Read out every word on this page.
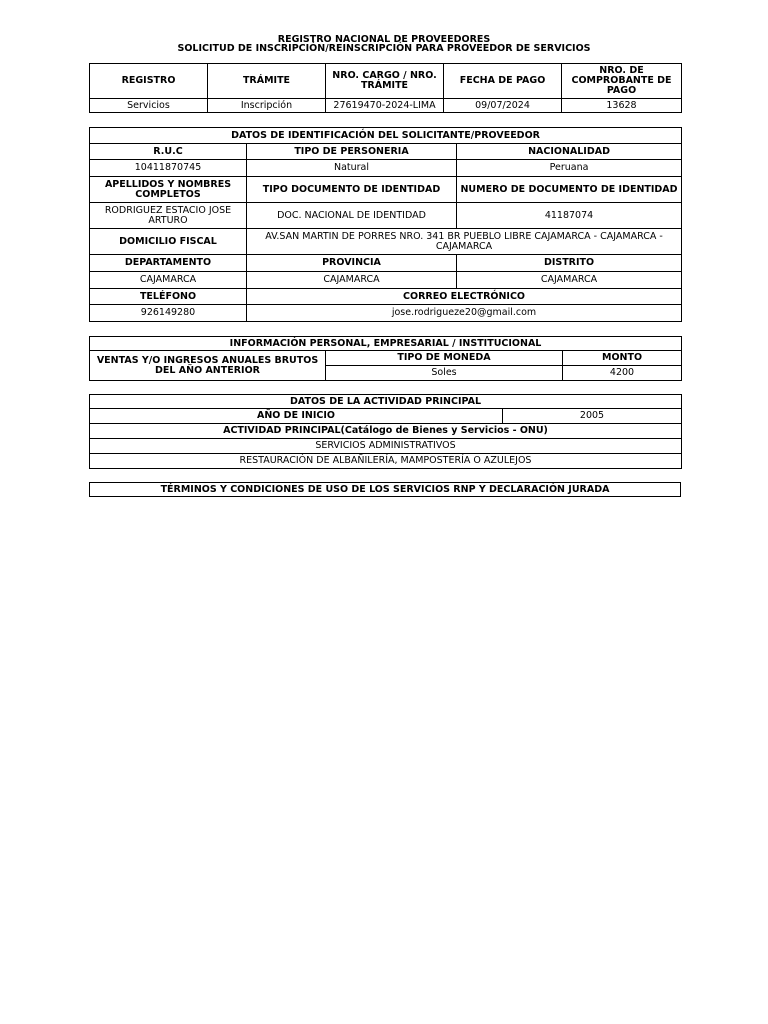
REGISTRO NACIONAL DE PROVEEDORES
SOLICITUD DE INSCRIPCIÓN/REINSCRIPCIÓN PARA PROVEEDOR DE SERVICIOS
REGISTRO	TRÁMITE	NRO. CARGO / NRO. TRÁMITE	FECHA DE PAGO	NRO. DE COMPROBANTE DE PAGO
Servicios	Inscripción	27619470-2024-LIMA	09/07/2024	13628
DATOS DE IDENTIFICACIÓN DEL SOLICITANTE/PROVEEDOR		
R.U.C	TIPO DE PERSONERIA	NACIONALIDAD
10411870745	Natural	Peruana
APELLIDOS Y NOMBRES COMPLETOS	TIPO DOCUMENTO DE IDENTIDAD	NUMERO DE DOCUMENTO DE IDENTIDAD
RODRIGUEZ ESTACIO JOSE ARTURO	DOC. NACIONAL DE IDENTIDAD	41187074
DOMICILIO FISCAL	AV.SAN MARTIN DE PORRES NRO. 341 BR PUEBLO LIBRE CAJAMARCA - CAJAMARCA - CAJAMARCA	
DEPARTAMENTO	PROVINCIA	DISTRITO
CAJAMARCA	CAJAMARCA	CAJAMARCA
TELÉFONO	CORREO ELECTRÓNICO	
926149280	jose.rodrigueze20@gmail.com	
INFORMACIÓN PERSONAL, EMPRESARIAL / INSTITUCIONAL		
VENTAS Y/O INGRESOS ANUALES BRUTOS DEL AÑO ANTERIOR	TIPO DE MONEDA	MONTO
	Soles	4200
DATOS DE LA ACTIVIDAD PRINCIPAL
AÑO DE INICIO	2005
ACTIVIDAD PRINCIPAL(Catálogo de Bienes y Servicios - ONU)
SERVICIOS ADMINISTRATIVOS
RESTAURACIÓN DE ALBAÑILERÍA, MAMPOSTERÍA O AZULEJOS
TÉRMINOS Y CONDICIONES DE USO DE LOS SERVICIOS RNP Y DECLARACIÓN JURADA
